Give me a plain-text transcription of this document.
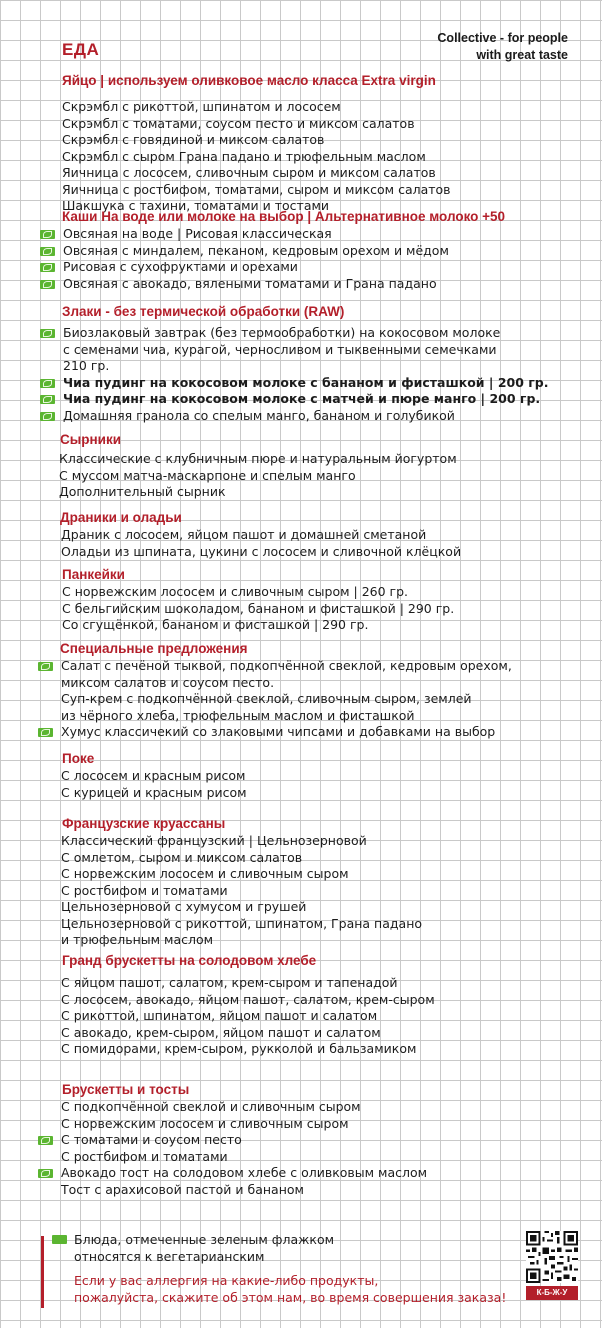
Collective - for people
with great taste
ЕДА
Яйцо | используем оливковое масло класса Extra virgin
Скрэмбл с рикоттой, шпинатом и лососем
Скрэмбл с томатами, соусом песто и миксом салатов
Скрэмбл с говядиной и миксом салатов
Скрэмбл с сыром Грана падано и трюфельным маслом
Яичница с лососем, сливочным сыром и миксом салатов
Яичница с ростбифом, томатами, сыром и миксом салатов
Шакшука с тахини, томатами и тостами
Каши На воде или молоке на выбор | Альтернативное молоко +50
Овсяная на воде | Рисовая классическая
Овсяная с миндалем, пеканом, кедровым орехом и мёдом
Рисовая с сухофруктами и орехами
Овсяная с авокадо, вялеными томатами и Грана падано
Злаки - без термической обработки (RAW)
Биозлаковый завтрак (без термообработки) на кокосовом молоке
с семенами чиа, курагой, черносливом и тыквенными семечками
210 гр.
Чиа пудинг на кокосовом молоке с бананом и фисташкой | 200 гр.
Чиа пудинг на кокосовом молоке с матчей и пюре манго | 200 гр.
Домашняя гранола со спелым манго, бананом и голубикой
Сырники
Классические с клубничным пюре и натуральным йогуртом
С муссом матча-маскарпоне и спелым манго
Дополнительный сырник
Драники и оладьи
Драник с лососем, яйцом пашот и домашней сметаной
Оладьи из шпината, цукини с лососем и сливочной клёцкой
Панкейки
С норвежским лососем и сливочным сыром | 260 гр.
С бельгийским шоколадом, бананом и фисташкой | 290 гр.
Со сгущёнкой, бананом и фисташкой | 290 гр.
Специальные предложения
Салат с печёной тыквой, подкопчённой свеклой, кедровым орехом,
миксом салатов и соусом песто.
Суп-крем с подкопчённой свеклой, сливочным сыром, землей
из чёрного хлеба, трюфельным маслом и фисташкой
Хумус классичекий со злаковыми чипсами и добавками на выбор
Поке
С лососем и красным рисом
С курицей и красным рисом
Французские круассаны
Классический французский | Цельнозерновой
С омлетом, сыром и миксом салатов
С норвежским лососем и сливочным сыром
С ростбифом и томатами
Цельнозерновой с хумусом и грушей
Цельнозерновой с рикоттой, шпинатом, Грана падано
и трюфельным маслом
Гранд брускетты на солодовом хлебе
С яйцом пашот, салатом, крем-сыром и тапенадой
С лососем, авокадо, яйцом пашот, салатом, крем-сыром
С рикоттой, шпинатом, яйцом пашот и салатом
С авокадо, крем-сыром, яйцом пашот и салатом
С помидорами, крем-сыром, рукколой и бальзамиком
Брускетты и тосты
С подкопчённой свеклой и сливочным сыром
С норвежским лососем и сливочным сыром
С томатами и соусом песто
С ростбифом и томатами
Авокадо тост на солодовом хлебе с оливковым маслом
Тост с арахисовой пастой и бананом
Блюда, отмеченные зеленым флажком
относятся к вегетарианским
Если у вас аллергия на какие-либо продукты,
пожалуйста, скажите об этом нам, во время совершения заказа!	К-Б-Ж-У
